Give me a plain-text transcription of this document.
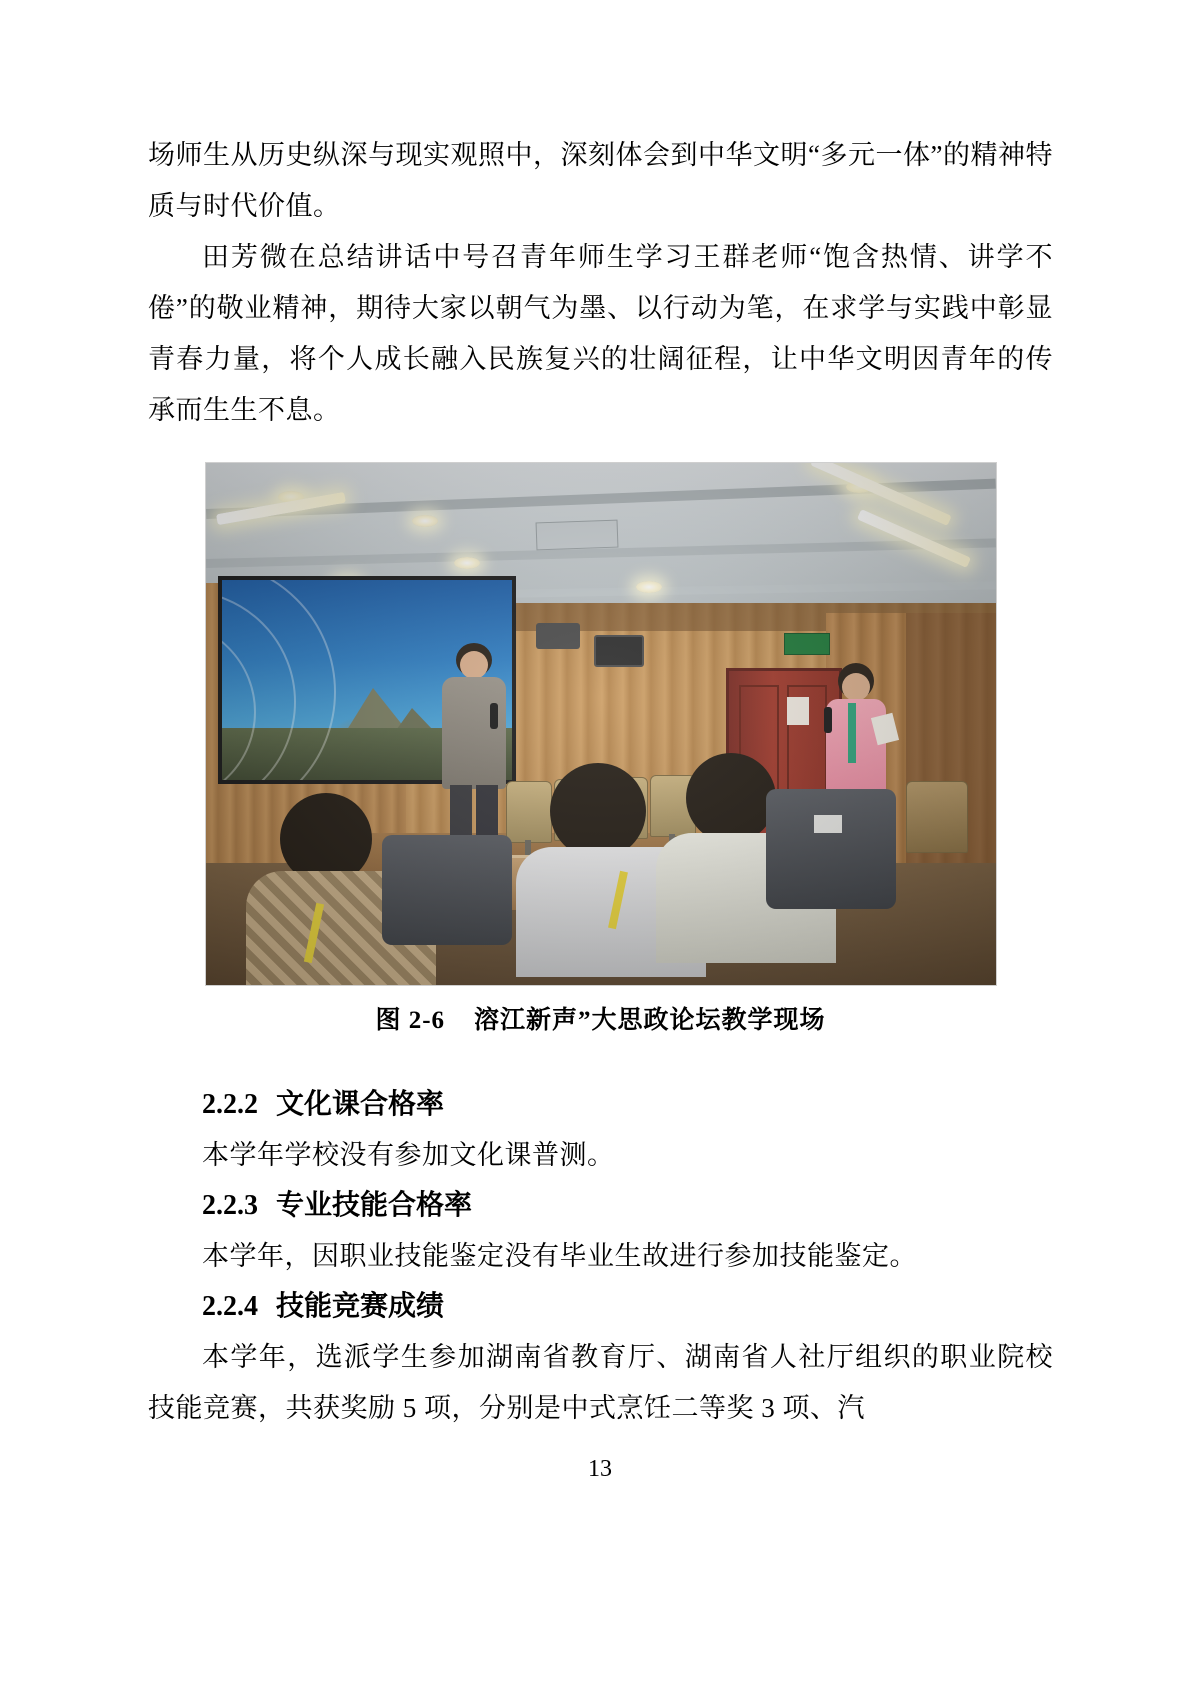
场师生从历史纵深与现实观照中，深刻体会到中华文明“多元一体”的精神特质与时代价值。

田芳微在总结讲话中号召青年师生学习王群老师“饱含热情、讲学不倦”的敬业精神，期待大家以朝气为墨、以行动为笔，在求学与实践中彰显青春力量，将个人成长融入民族复兴的壮阔征程，让中华文明因青年的传承而生生不息。

图 2-6 溶江新声”大思政论坛教学现场
2.2.2 文化课合格率

本学年学校没有参加文化课普测。

2.2.3 专业技能合格率

本学年，因职业技能鉴定没有毕业生故进行参加技能鉴定。

2.2.4 技能竞赛成绩

本学年，选派学生参加湖南省教育厅、湖南省人社厅组织的职业院校技能竞赛，共获奖励 5 项，分别是中式烹饪二等奖 3 项、汽

13
